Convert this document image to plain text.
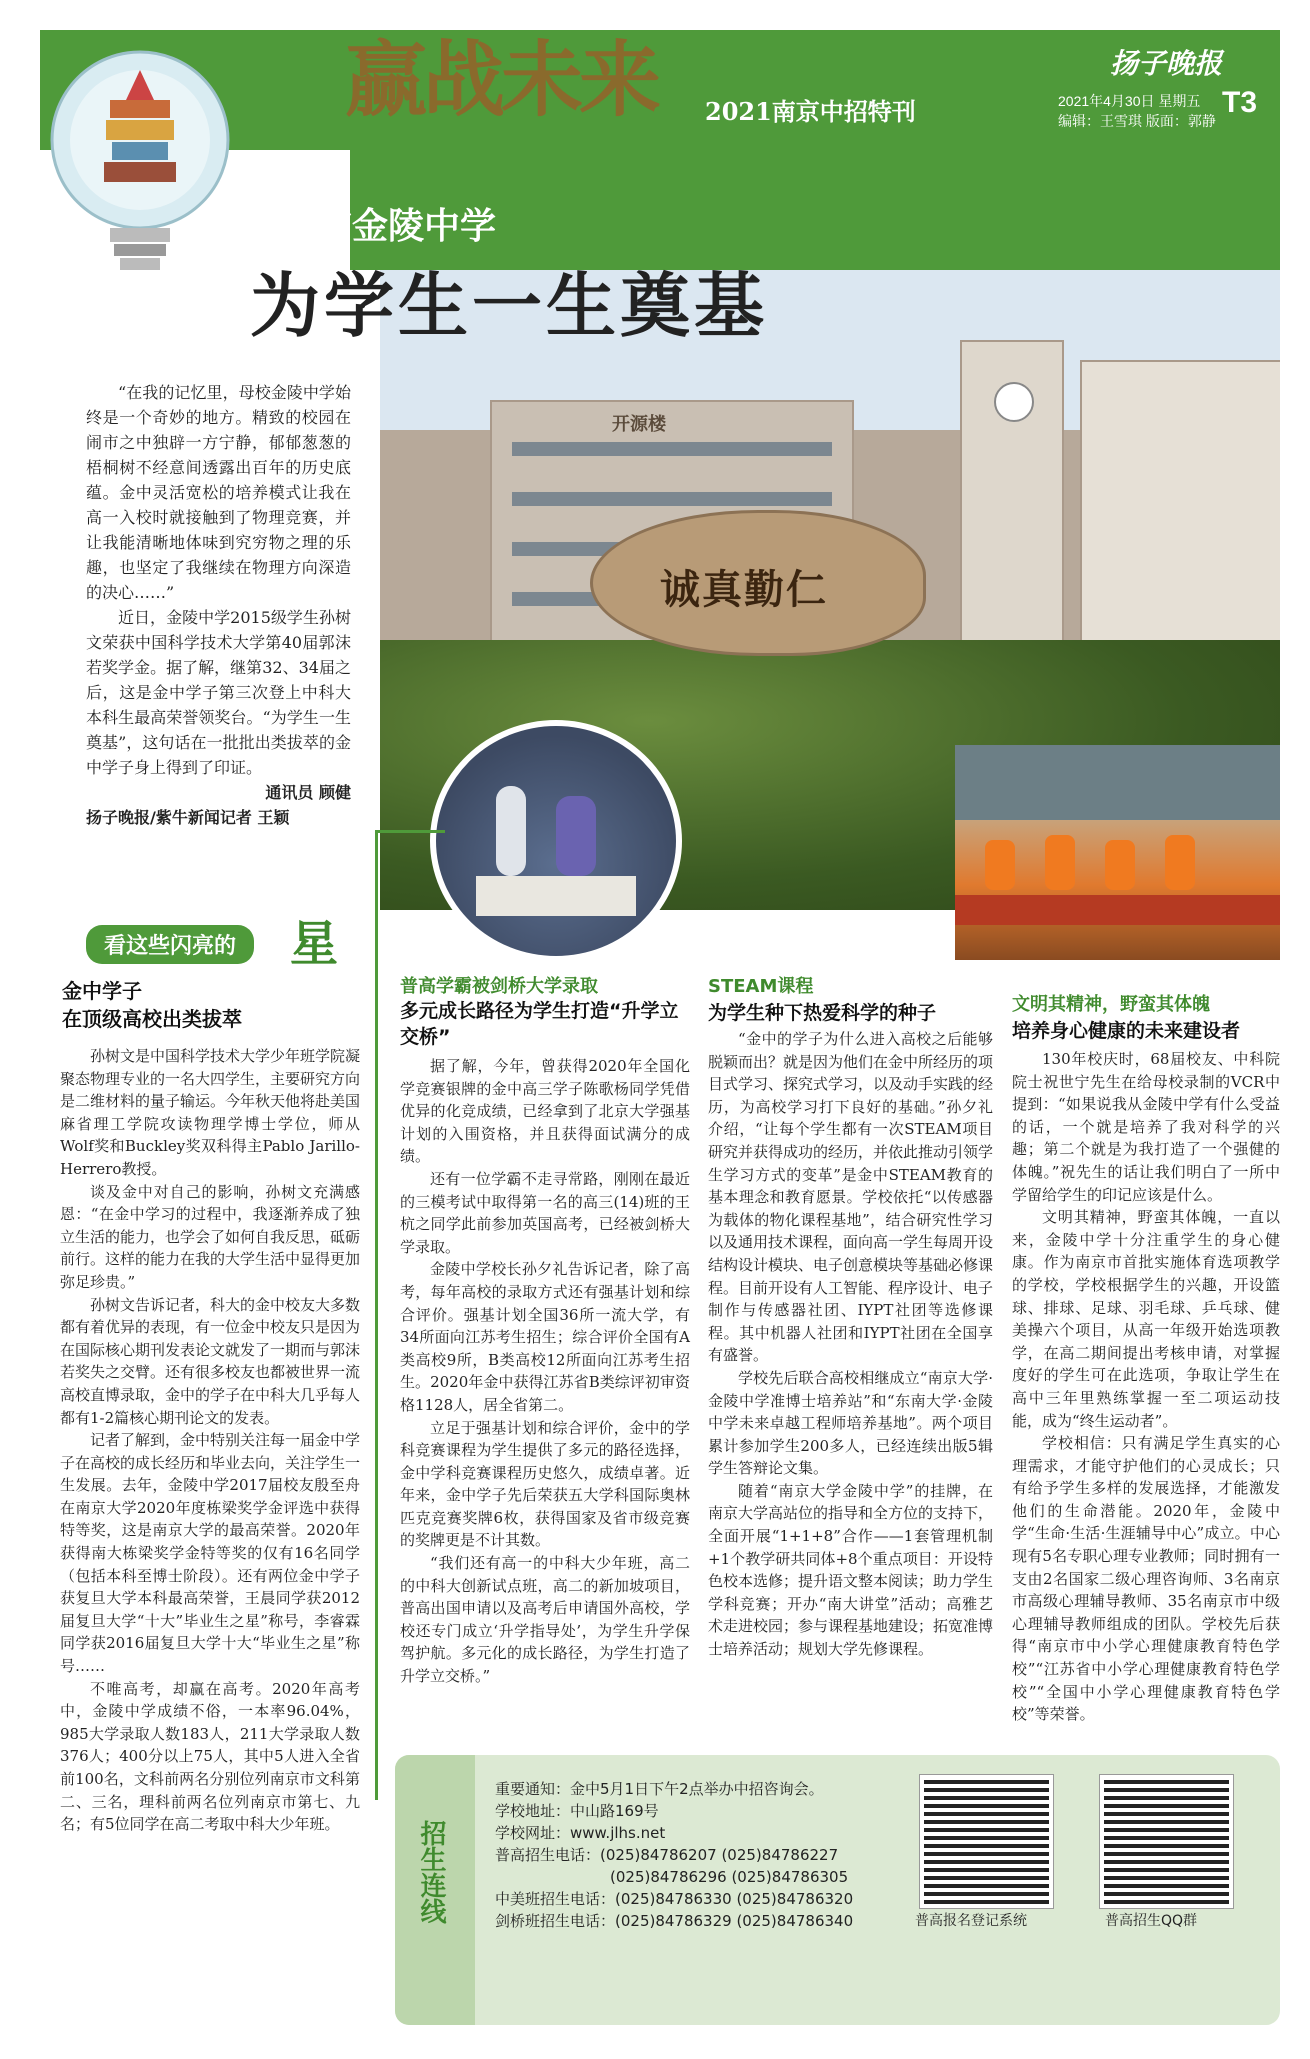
赢战未来 2021南京中招特刊
扬子晚报
2021年4月30日 星期五 T3
编辑：王雪琪 版面：郭静
开源楼
诚真勤仁
南京市金陵中学
为学生一生奠基

“在我的记忆里，母校金陵中学始终是一个奇妙的地方。精致的校园在闹市之中独辟一方宁静，郁郁葱葱的梧桐树不经意间透露出百年的历史底蕴。金中灵活宽松的培养模式让我在高一入校时就接触到了物理竞赛，并让我能清晰地体味到究穷物之理的乐趣，也坚定了我继续在物理方向深造的决心……”

近日，金陵中学2015级学生孙树文荣获中国科学技术大学第40届郭沫若奖学金。据了解，继第32、34届之后，这是金中学子第三次登上中科大本科生最高荣誉领奖台。“为学生一生奠基”，这句话在一批批出类拔萃的金中学子身上得到了印证。

通讯员 顾健
扬子晚报/紫牛新闻记者 王颖
看这些闪亮的	星
金中学子
在顶级高校出类拔萃

孙树文是中国科学技术大学少年班学院凝聚态物理专业的一名大四学生，主要研究方向是二维材料的量子输运。今年秋天他将赴美国麻省理工学院攻读物理学博士学位，师从Wolf奖和Buckley奖双科得主Pablo Jarillo-Herrero教授。

谈及金中对自己的影响，孙树文充满感恩：“在金中学习的过程中，我逐渐养成了独立生活的能力，也学会了如何自我反思，砥砺前行。这样的能力在我的大学生活中显得更加弥足珍贵。”

孙树文告诉记者，科大的金中校友大多数都有着优异的表现，有一位金中校友只是因为在国际核心期刊发表论文就发了一期而与郭沫若奖失之交臂。还有很多校友也都被世界一流高校直博录取，金中的学子在中科大几乎每人都有1-2篇核心期刊论文的发表。

记者了解到，金中特别关注每一届金中学子在高校的成长经历和毕业去向，关注学生一生发展。去年，金陵中学2017届校友殷至舟在南京大学2020年度栋梁奖学金评选中获得特等奖，这是南京大学的最高荣誉。2020年获得南大栋梁奖学金特等奖的仅有16名同学（包括本科至博士阶段）。还有两位金中学子获复旦大学本科最高荣誉，王晨同学获2012届复旦大学“十大”毕业生之星”称号，李睿霖同学获2016届复旦大学十大“毕业生之星”称号……

不唯高考，却赢在高考。2020年高考中，金陵中学成绩不俗，一本率96.04%，985大学录取人数183人，211大学录取人数376人；400分以上75人，其中5人进入全省前100名，文科前两名分别位列南京市文科第二、三名，理科前两名位列南京市第七、九名；有5位同学在高二考取中科大少年班。

普高学霸被剑桥大学录取
多元成长路径为学生打造“升学立交桥”

据了解，今年，曾获得2020年全国化学竞赛银牌的金中高三学子陈歌杨同学凭借优异的化竞成绩，已经拿到了北京大学强基计划的入围资格，并且获得面试满分的成绩。

还有一位学霸不走寻常路，刚刚在最近的三模考试中取得第一名的高三(14)班的王杭之同学此前参加英国高考，已经被剑桥大学录取。

金陵中学校长孙夕礼告诉记者，除了高考，每年高校的录取方式还有强基计划和综合评价。强基计划全国36所一流大学，有34所面向江苏考生招生；综合评价全国有A类高校9所，B类高校12所面向江苏考生招生。2020年金中获得江苏省B类综评初审资格1128人，居全省第二。

立足于强基计划和综合评价，金中的学科竞赛课程为学生提供了多元的路径选择，金中学科竞赛课程历史悠久，成绩卓著。近年来，金中学子先后荣获五大学科国际奥林匹克竞赛奖牌6枚，获得国家及省市级竞赛的奖牌更是不计其数。

“我们还有高一的中科大少年班，高二的中科大创新试点班，高二的新加坡项目，普高出国申请以及高考后申请国外高校，学校还专门成立‘升学指导处’，为学生升学保驾护航。多元化的成长路径，为学生打造了升学立交桥。”

STEAM课程
为学生种下热爱科学的种子

“金中的学子为什么进入高校之后能够脱颖而出？就是因为他们在金中所经历的项目式学习、探究式学习，以及动手实践的经历，为高校学习打下良好的基础。”孙夕礼介绍，“让每个学生都有一次STEAM项目研究并获得成功的经历，并依此推动引领学生学习方式的变革”是金中STEAM教育的基本理念和教育愿景。学校依托“以传感器为载体的物化课程基地”，结合研究性学习以及通用技术课程，面向高一学生每周开设结构设计模块、电子创意模块等基础必修课程。目前开设有人工智能、程序设计、电子制作与传感器社团、IYPT社团等选修课程。其中机器人社团和IYPT社团在全国享有盛誉。

学校先后联合高校相继成立“南京大学·金陵中学准博士培养站”和“东南大学·金陵中学未来卓越工程师培养基地”。两个项目累计参加学生200多人，已经连续出版5辑学生答辩论文集。

随着“南京大学金陵中学”的挂牌，在南京大学高站位的指导和全方位的支持下，全面开展“1+1+8”合作——1套管理机制+1个教学研共同体+8个重点项目：开设特色校本选修；提升语文整本阅读；助力学生学科竞赛；开办“南大讲堂”活动；高雅艺术走进校园；参与课程基地建设；拓宽准博士培养活动；规划大学先修课程。

文明其精神，野蛮其体魄
培养身心健康的未来建设者

130年校庆时，68届校友、中科院院士祝世宁先生在给母校录制的VCR中提到：“如果说我从金陵中学有什么受益的话，一个就是培养了我对科学的兴趣；第二个就是为我打造了一个强健的体魄。”祝先生的话让我们明白了一所中学留给学生的印记应该是什么。

文明其精神，野蛮其体魄，一直以来，金陵中学十分注重学生的身心健康。作为南京市首批实施体育选项教学的学校，学校根据学生的兴趣，开设篮球、排球、足球、羽毛球、乒乓球、健美操六个项目，从高一年级开始选项教学，在高二期间提出考核申请，对掌握度好的学生可在此选项，争取让学生在高中三年里熟练掌握一至二项运动技能，成为“终生运动者”。

学校相信：只有满足学生真实的心理需求，才能守护他们的心灵成长；只有给予学生多样的发展选择，才能激发他们的生命潜能。2020年，金陵中学“生命·生活·生涯辅导中心”成立。中心现有5名专职心理专业教师；同时拥有一支由2名国家二级心理咨询师、3名南京市高级心理辅导教师、35名南京市中级心理辅导教师组成的团队。学校先后获得“南京市中小学心理健康教育特色学校”“江苏省中小学心理健康教育特色学校”“全国中小学心理健康教育特色学校”等荣誉。

招生连线
重要通知：金中5月1日下午2点举办中招咨询会。
学校地址：中山路169号
学校网址：www.jlhs.net
普高招生电话：(025)84786207 (025)84786227
(025)84786296 (025)84786305
中美班招生电话：(025)84786330 (025)84786320
剑桥班招生电话：(025)84786329 (025)84786340	普高报名登记系统	普高招生QQ群
